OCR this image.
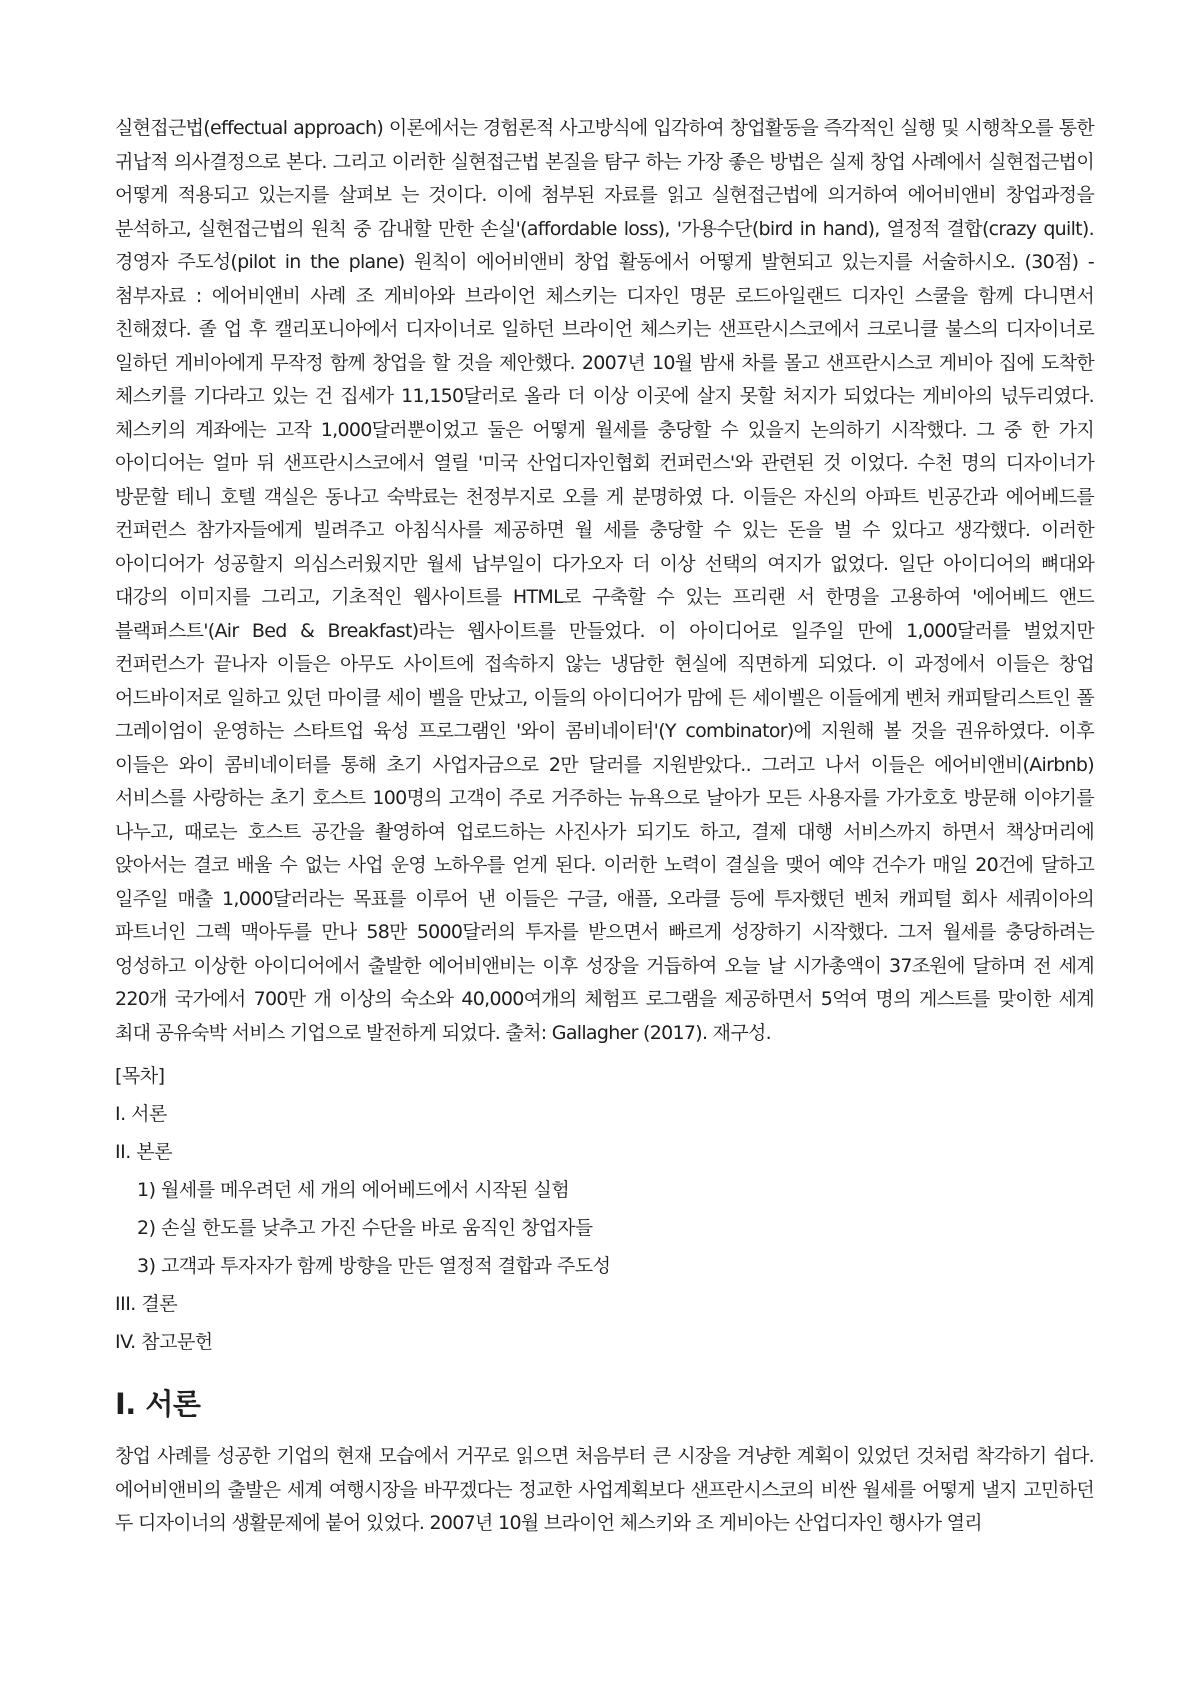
실현접근법(effectual approach) 이론에서는 경험론적 사고방식에 입각하여 창업활동을 즉각적인 실행 및 시행착오를 통한 귀납적 의사결정으로 본다. 그리고 이러한 실현접근법 본질을 탐구 하는 가장 좋은 방법은 실제 창업 사례에서 실현접근법이 어떻게 적용되고 있는지를 살펴보 는 것이다. 이에 첨부된 자료를 읽고 실현접근법에 의거하여 에어비앤비 창업과정을 분석하고, 실현접근법의 원칙 중 감내할 만한 손실'(affordable loss), '가용수단(bird in hand), 열정적 결합(crazy quilt). 경영자 주도성(pilot in the plane) 원칙이 에어비앤비 창업 활동에서 어떻게 발현되고 있는지를 서술하시오. (30점) - 첨부자료 : 에어비앤비 사례 조 게비아와 브라이언 체스키는 디자인 명문 로드아일랜드 디자인 스쿨을 함께 다니면서 친해졌다. 졸 업 후 캘리포니아에서 디자이너로 일하던 브라이언 체스키는 샌프란시스코에서 크로니클 불스의 디자이너로 일하던 게비아에게 무작정 함께 창업을 할 것을 제안했다. 2007년 10월 밤새 차를 몰고 샌프란시스코 게비아 집에 도착한 체스키를 기다라고 있는 건 집세가 11,150달러로 올라 더 이상 이곳에 살지 못할 처지가 되었다는 게비아의 넋두리였다. 체스키의 계좌에는 고작 1,000달러뿐이었고 둘은 어떻게 월세를 충당할 수 있을지 논의하기 시작했다. 그 중 한 가지 아이디어는 얼마 뒤 샌프란시스코에서 열릴 '미국 산업디자인협회 컨퍼런스'와 관련된 것 이었다. 수천 명의 디자이너가 방문할 테니 호텔 객실은 동나고 숙박료는 천정부지로 오를 게 분명하였 다. 이들은 자신의 아파트 빈공간과 에어베드를 컨퍼런스 참가자들에게 빌려주고 아침식사를 제공하면 월 세를 충당할 수 있는 돈을 벌 수 있다고 생각했다. 이러한 아이디어가 성공할지 의심스러웠지만 월세 납부일이 다가오자 더 이상 선택의 여지가 없었다. 일단 아이디어의 뼈대와 대강의 이미지를 그리고, 기초적인 웹사이트를 HTML로 구축할 수 있는 프리랜 서 한명을 고용하여 '에어베드 앤드 블랙퍼스트'(Air Bed & Breakfast)라는 웹사이트를 만들었다. 이 아이디어로 일주일 만에 1,000달러를 벌었지만 컨퍼런스가 끝나자 이들은 아무도 사이트에 접속하지 않는 냉담한 현실에 직면하게 되었다. 이 과정에서 이들은 창업 어드바이저로 일하고 있던 마이클 세이 벨을 만났고, 이들의 아이디어가 맘에 든 세이벨은 이들에게 벤처 캐피탈리스트인 폴 그레이엄이 운영하는 스타트업 육성 프로그램인 '와이 콤비네이터'(Y combinator)에 지원해 볼 것을 권유하였다. 이후 이들은 와이 콤비네이터를 통해 초기 사업자금으로 2만 달러를 지원받았다.. 그러고 나서 이들은 에어비앤비(Airbnb) 서비스를 사랑하는 초기 호스트 100명의 고객이 주로 거주하는 뉴욕으로 날아가 모든 사용자를 가가호호 방문해 이야기를 나누고, 때로는 호스트 공간을 촬영하여 업로드하는 사진사가 되기도 하고, 결제 대행 서비스까지 하면서 책상머리에 앉아서는 결코 배울 수 없는 사업 운영 노하우를 얻게 된다. 이러한 노력이 결실을 맺어 예약 건수가 매일 20건에 달하고 일주일 매출 1,000달러라는 목표를 이루어 낸 이들은 구글, 애플, 오라클 등에 투자했던 벤처 캐피털 회사 세쿼이아의 파트너인 그렉 맥아두를 만나 58만 5000달러의 투자를 받으면서 빠르게 성장하기 시작했다. 그저 월세를 충당하려는 엉성하고 이상한 아이디어에서 출발한 에어비앤비는 이후 성장을 거듭하여 오늘 날 시가총액이 37조원에 달하며 전 세계 220개 국가에서 700만 개 이상의 숙소와 40,000여개의 체험프 로그램을 제공하면서 5억여 명의 게스트를 맞이한 세계 최대 공유숙박 서비스 기업으로 발전하게 되었다. 출처: Gallagher (2017). 재구성.

[목차]
I. 서론
II. 본론
1) 월세를 메우려던 세 개의 에어베드에서 시작된 실험
2) 손실 한도를 낮추고 가진 수단을 바로 움직인 창업자들
3) 고객과 투자자가 함께 방향을 만든 열정적 결합과 주도성
III. 결론
IV. 참고문헌
I. 서론

창업 사례를 성공한 기업의 현재 모습에서 거꾸로 읽으면 처음부터 큰 시장을 겨냥한 계획이 있었던 것처럼 착각하기 쉽다. 에어비앤비의 출발은 세계 여행시장을 바꾸겠다는 정교한 사업계획보다 샌프란시스코의 비싼 월세를 어떻게 낼지 고민하던 두 디자이너의 생활문제에 붙어 있었다. 2007년 10월 브라이언 체스키와 조 게비아는 산업디자인 행사가 열리
